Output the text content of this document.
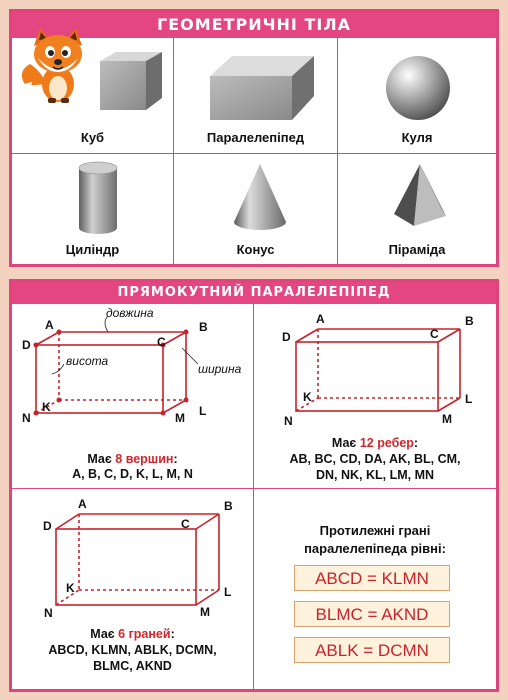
ГЕОМЕТРИЧНІ ТІЛА
Куб	Паралелепіпед	Куля
Циліндр	Конус	Піраміда
ПРЯМОКУТНИЙ ПАРАЛЕЛЕПІПЕД
A	B
C
D
K	L
M
N
довжина
висота
ширина
Має 8 вершин:
A, B, C, D, K, L, M, N
A	B
C
D
K	L
M
N
Має 12 ребер:
AB, BC, CD, DA, AK, BL, CM,
DN, NK, KL, LM, MN
A	B
C
D
K	L
M
N
Має 6 граней:
ABCD, KLMN, ABLK, DCMN,
BLMC, AKND
Протилежні грані
паралелепіпеда рівні:
ABCD = KLMN
BLMC = AKND
ABLK = DCMN
